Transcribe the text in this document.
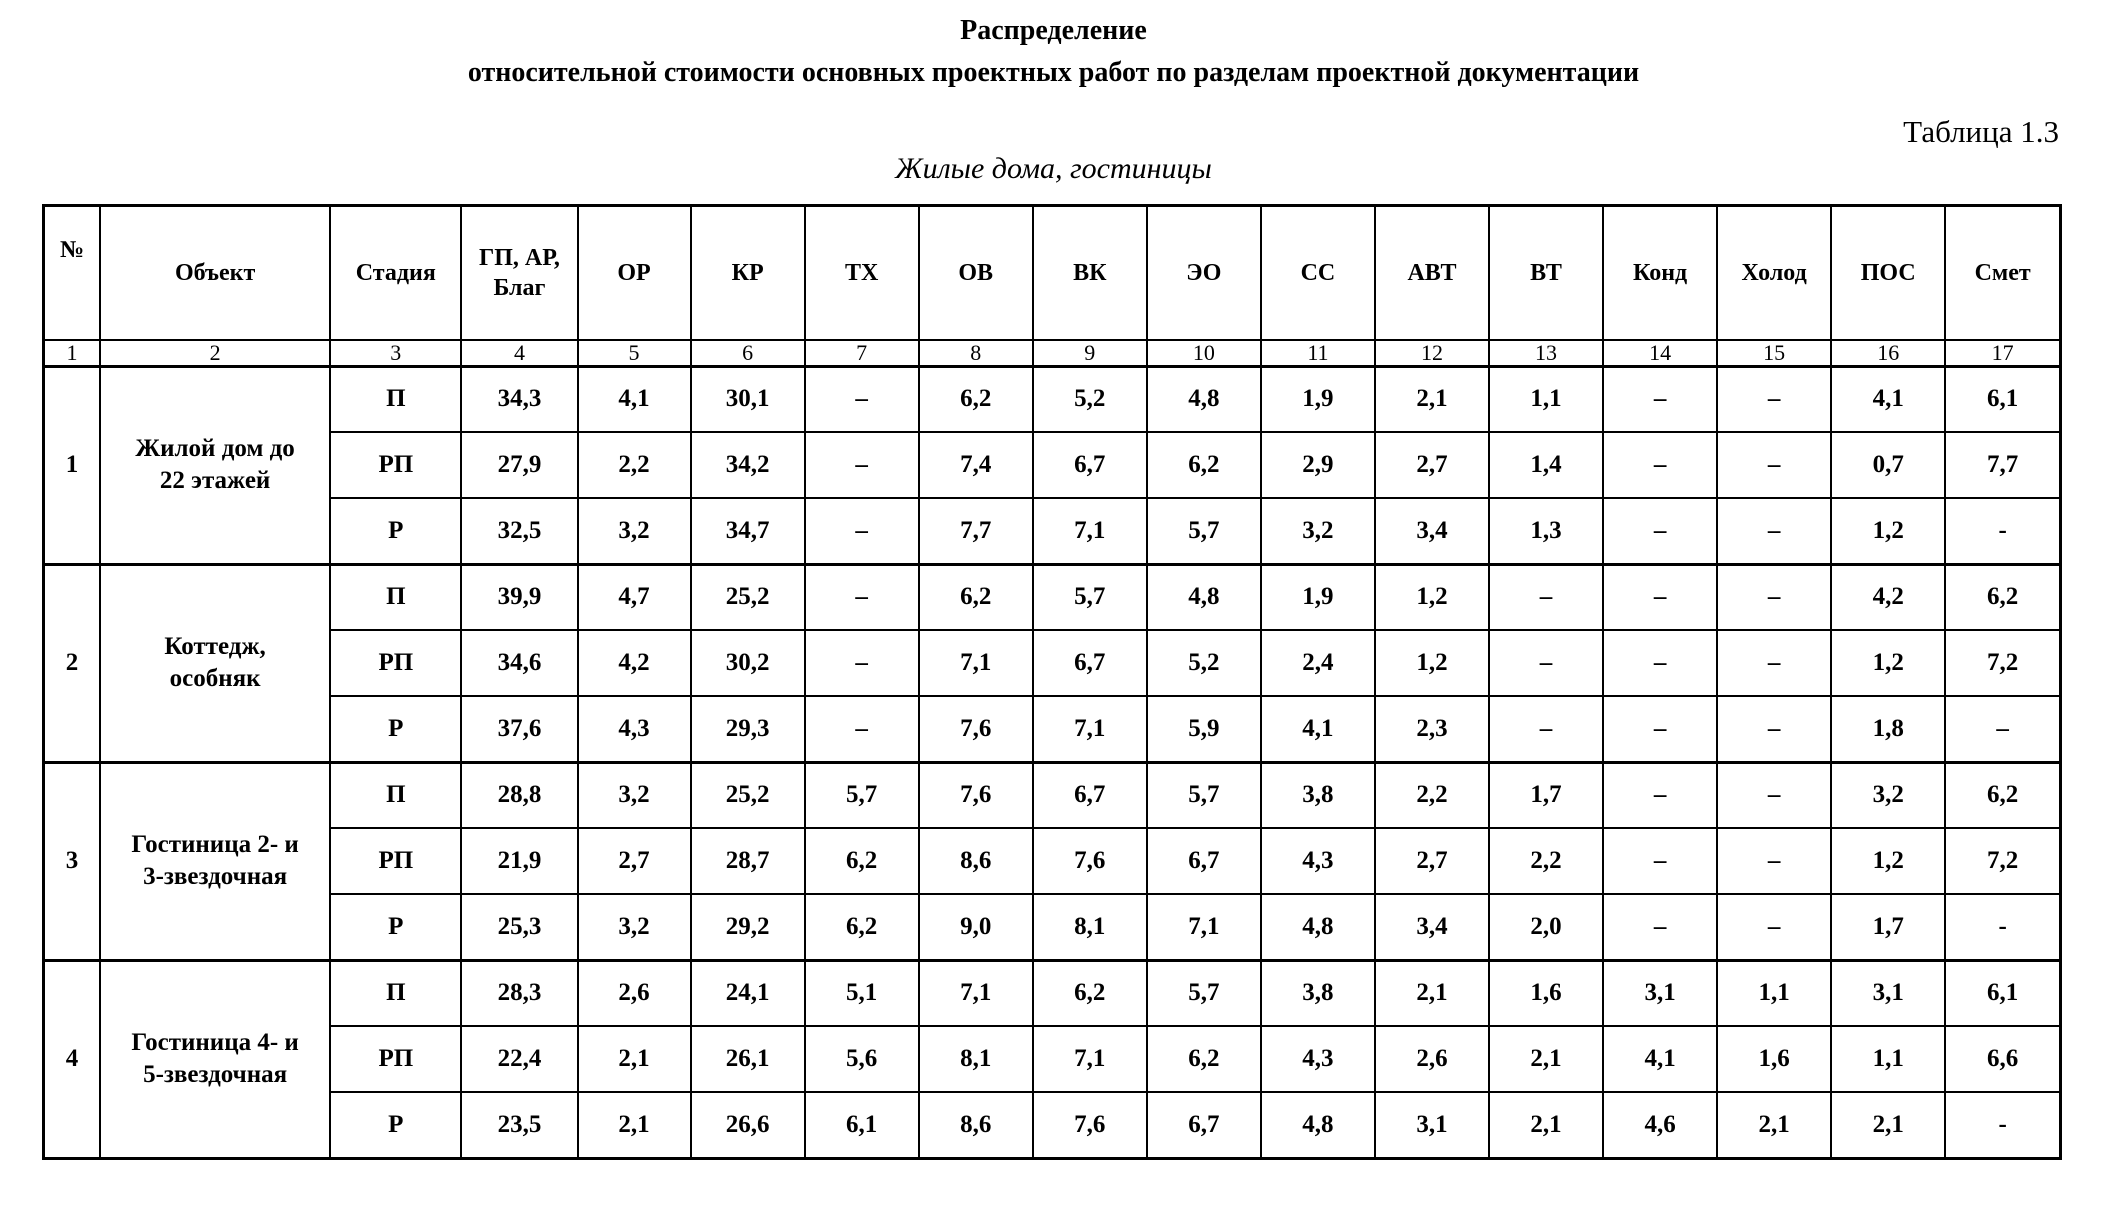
Распределение
относительной стоимости основных проектных работ по разделам проектной документации
Таблица 1.3
Жилые дома, гостиницы
№	Объект	Стадия	ГП, АР, Благ	ОР	КР	ТХ	ОВ	ВК	ЭО	СС	АВТ	ВТ	Конд	Холод	ПОС	Смет
1	2	3	4	5	6	7	8	9	10	11	12	13	14	15	16	17
1	Жилой дом до 22 этажей	П	34,3	4,1	30,1	–	6,2	5,2	4,8	1,9	2,1	1,1	–	–	4,1	6,1
		РП	27,9	2,2	34,2	–	7,4	6,7	6,2	2,9	2,7	1,4	–	–	0,7	7,7
		Р	32,5	3,2	34,7	–	7,7	7,1	5,7	3,2	3,4	1,3	–	–	1,2	-
2	Коттедж, особняк	П	39,9	4,7	25,2	–	6,2	5,7	4,8	1,9	1,2	–	–	–	4,2	6,2
		РП	34,6	4,2	30,2	–	7,1	6,7	5,2	2,4	1,2	–	–	–	1,2	7,2
		Р	37,6	4,3	29,3	–	7,6	7,1	5,9	4,1	2,3	–	–	–	1,8	–
3	Гостиница 2- и 3-звездочная	П	28,8	3,2	25,2	5,7	7,6	6,7	5,7	3,8	2,2	1,7	–	–	3,2	6,2
		РП	21,9	2,7	28,7	6,2	8,6	7,6	6,7	4,3	2,7	2,2	–	–	1,2	7,2
		Р	25,3	3,2	29,2	6,2	9,0	8,1	7,1	4,8	3,4	2,0	–	–	1,7	-
4	Гостиница 4- и 5-звездочная	П	28,3	2,6	24,1	5,1	7,1	6,2	5,7	3,8	2,1	1,6	3,1	1,1	3,1	6,1
		РП	22,4	2,1	26,1	5,6	8,1	7,1	6,2	4,3	2,6	2,1	4,1	1,6	1,1	6,6
		Р	23,5	2,1	26,6	6,1	8,6	7,6	6,7	4,8	3,1	2,1	4,6	2,1	2,1	-
